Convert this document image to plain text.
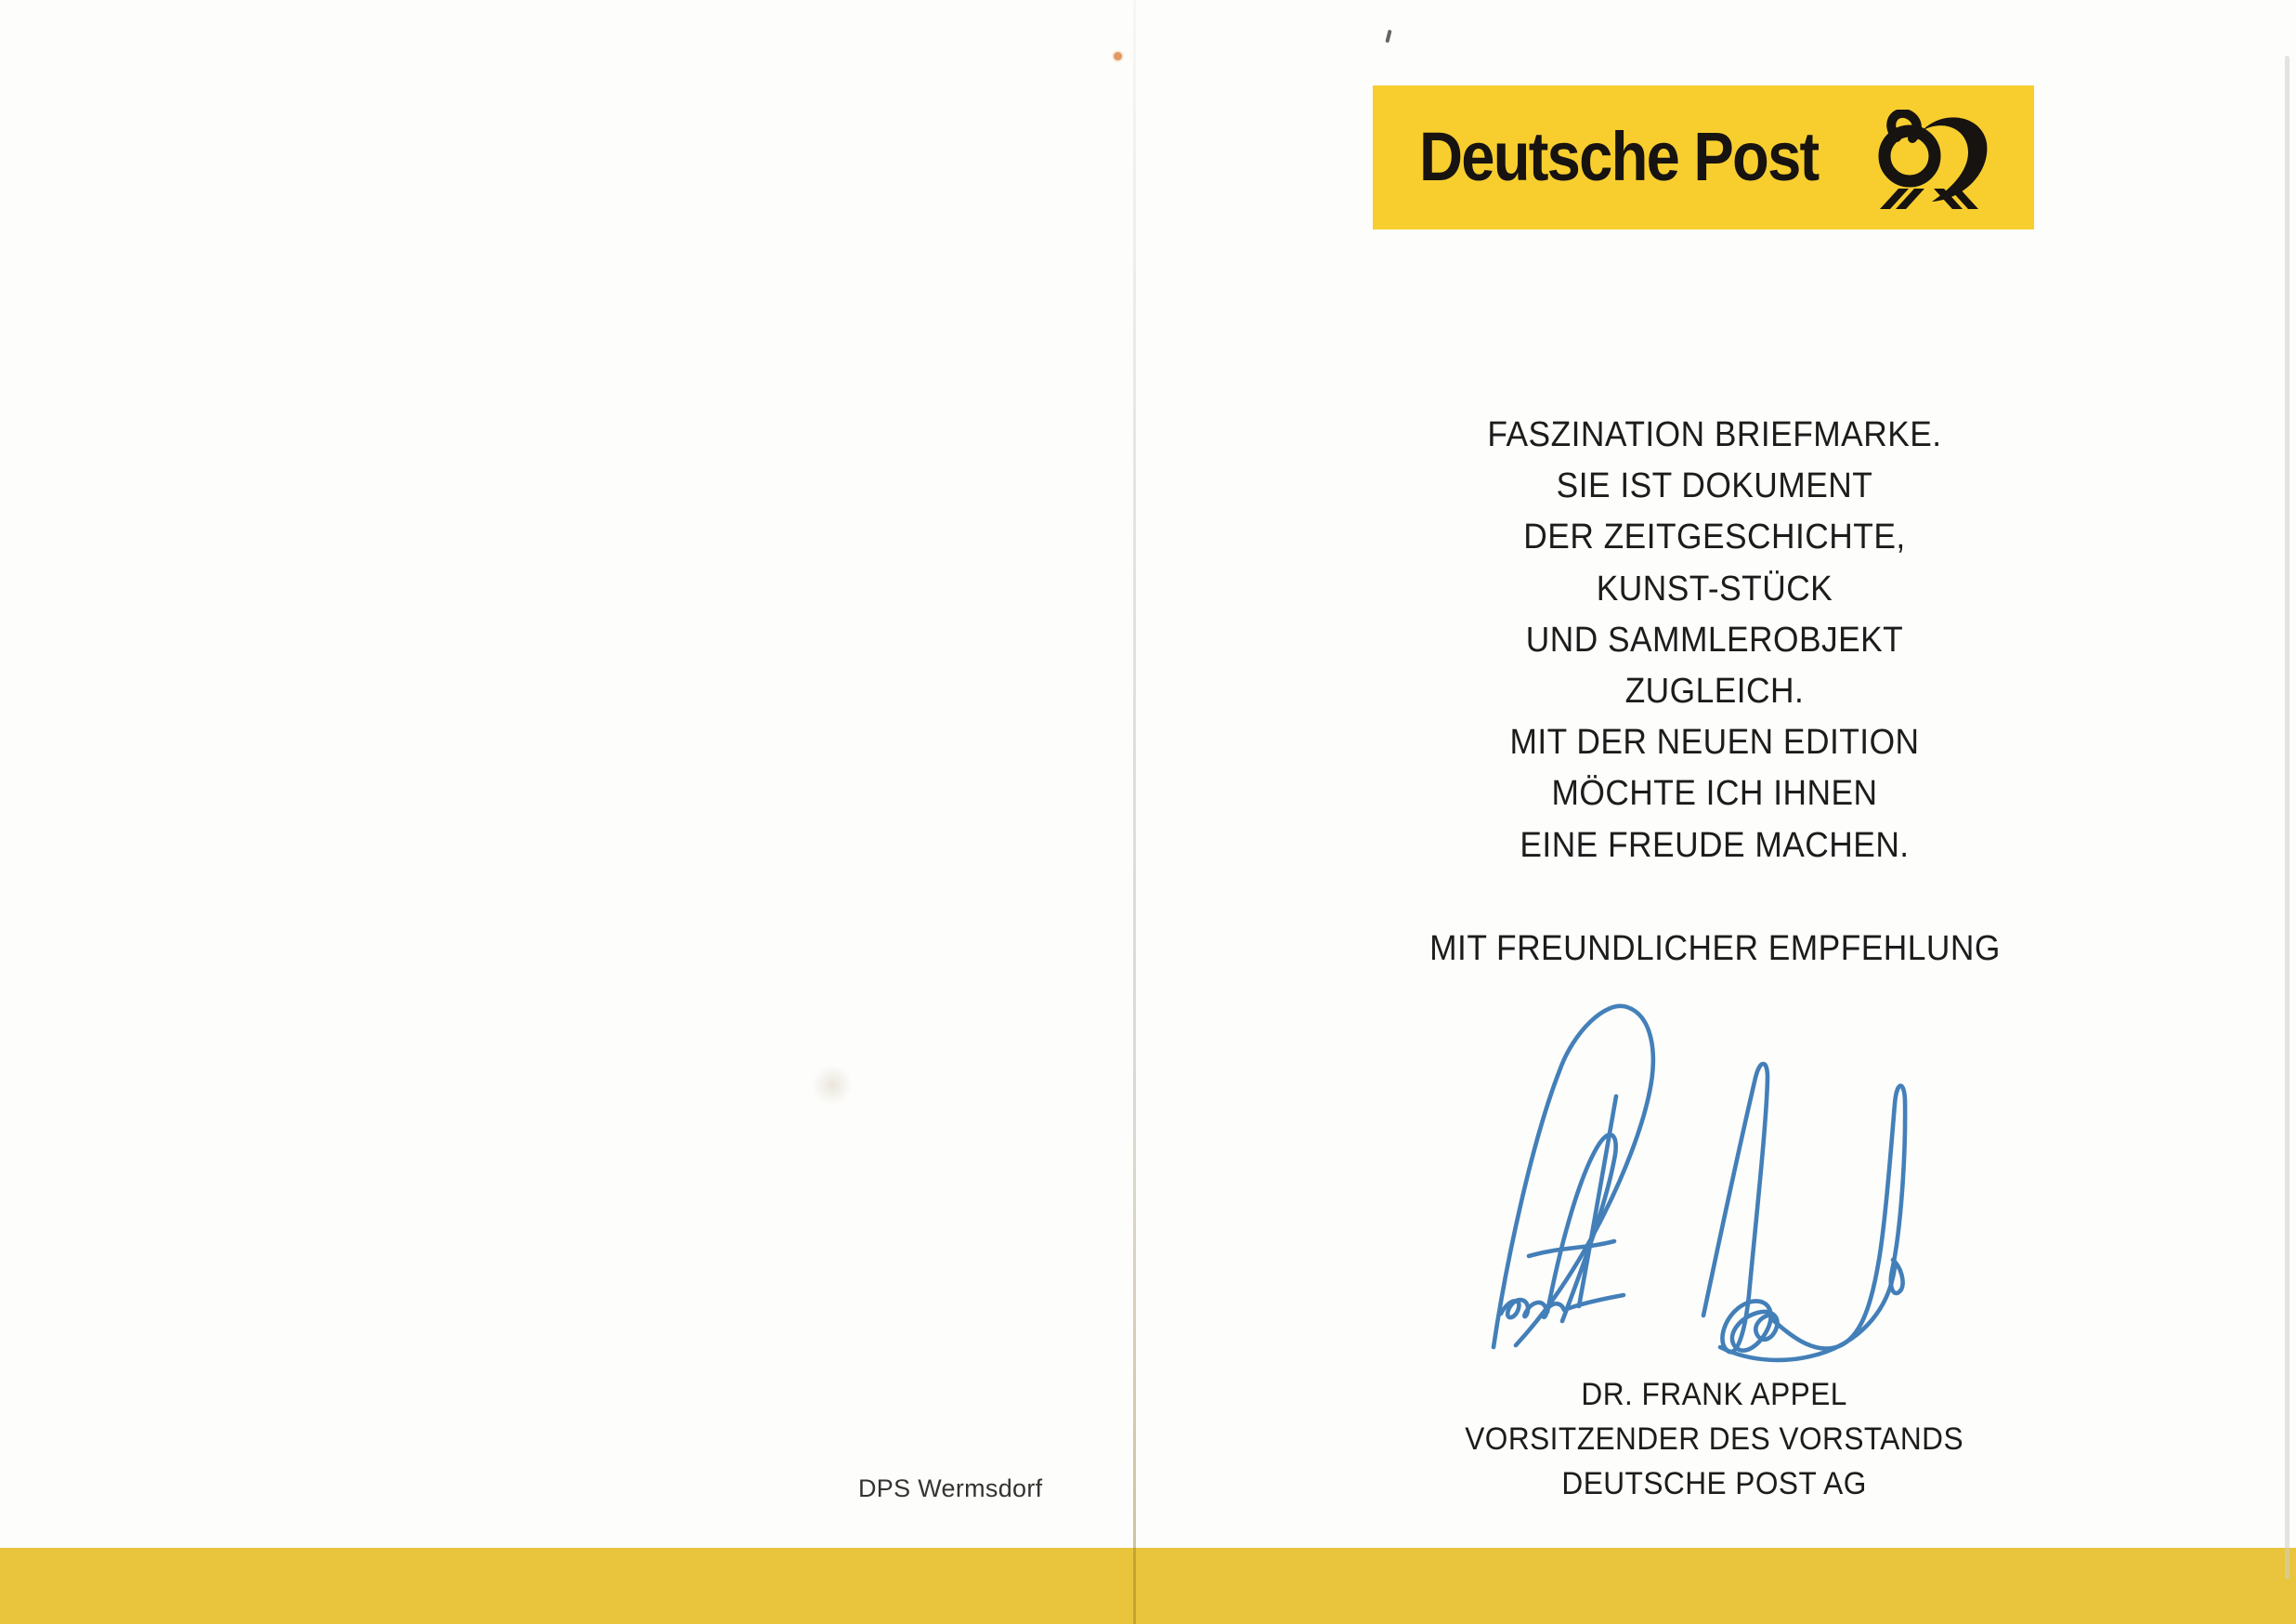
Deutsche Post
FASZINATION BRIEFMARKE.
SIE IST DOKUMENT
DER ZEITGESCHICHTE,
KUNST-STÜCK
UND SAMMLEROBJEKT
ZUGLEICH.
MIT DER NEUEN EDITION
MÖCHTE ICH IHNEN
EINE FREUDE MACHEN.
MIT FREUNDLICHER EMPFEHLUNG
DR. FRANK APPEL
VORSITZENDER DES VORSTANDS
DEUTSCHE POST AG
DPS Wermsdorf
